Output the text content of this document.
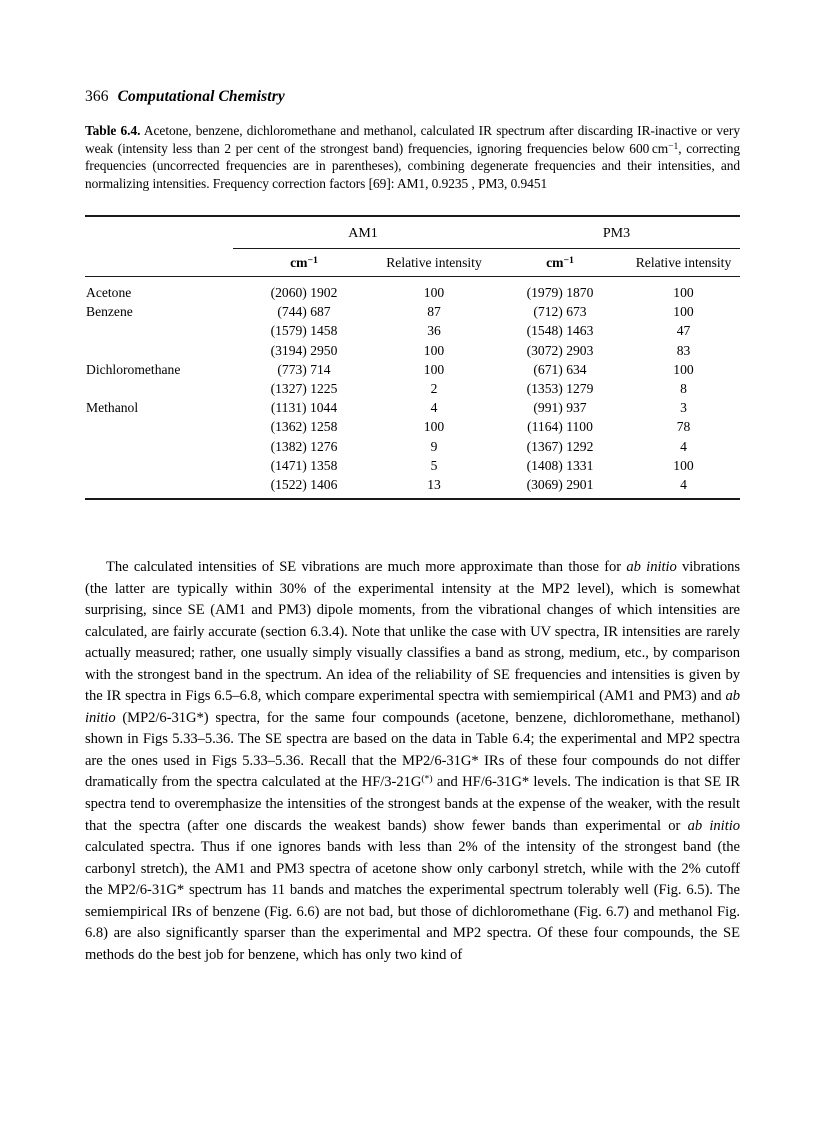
366 Computational Chemistry
Table 6.4. Acetone, benzene, dichloromethane and methanol, calculated IR spectrum after discarding IR-inactive or very weak (intensity less than 2 per cent of the strongest band) frequencies, ignoring frequencies below 600 $cm^{-1}$, correcting frequencies (uncorrected frequencies are in parentheses), combining degenerate frequencies and their intensities, and normalizing intensities. Frequency correction factors [69]: AM1, 0.9235 , PM3, 0.9451

	AM1		PM3	

	$cm^{-1}$	Relative intensity	$cm^{-1}$	Relative intensity

Acetone	(2060) 1902	100	(1979) 1870	100
Benzene	(744) 687	87	(712) 673	100
	(1579) 1458	36	(1548) 1463	47
	(3194) 2950	100	(3072) 2903	83
Dichloromethane	(773) 714	100	(671) 634	100
	(1327) 1225	2	(1353) 1279	8
Methanol	(1131) 1044	4	(991) 937	3
	(1362) 1258	100	(1164) 1100	78
	(1382) 1276	9	(1367) 1292	4
	(1471) 1358	5	(1408) 1331	100
	(1522) 1406	13	(3069) 2901	4

The calculated intensities of SE vibrations are much more approximate than those for ab initio vibrations (the latter are typically within 30% of the experimental intensity at the MP2 level), which is somewhat surprising, since SE (AM1 and PM3) dipole moments, from the vibrational changes of which intensities are calculated, are fairly accurate (section 6.3.4). Note that unlike the case with UV spectra, IR intensities are rarely actually measured; rather, one usually simply visually classifies a band as strong, medium, etc., by comparison with the strongest band in the spectrum. An idea of the reliability of SE frequencies and intensities is given by the IR spectra in Figs 6.5–6.8, which compare experimental spectra with semiempirical (AM1 and PM3) and ab initio (MP2/6-31G*) spectra, for the same four compounds (acetone, benzene, dichloromethane, methanol) shown in Figs 5.33–5.36. The SE spectra are based on the data in Table 6.4; the experimental and MP2 spectra are the ones used in Figs 5.33–5.36. Recall that the MP2/6-31G* IRs of these four compounds do not differ dramatically from the spectra calculated at the HF/3-21G(*) and HF/6-31G* levels. The indication is that SE IR spectra tend to overemphasize the intensities of the strongest bands at the expense of the weaker, with the result that the spectra (after one discards the weakest bands) show fewer bands than experimental or ab initio calculated spectra. Thus if one ignores bands with less than 2% of the intensity of the strongest band (the carbonyl stretch), the AM1 and PM3 spectra of acetone show only carbonyl stretch, while with the 2% cutoff the MP2/6-31G* spectrum has 11 bands and matches the experimental spectrum tolerably well (Fig. 6.5). The semiempirical IRs of benzene (Fig. 6.6) are not bad, but those of dichloromethane (Fig. 6.7) and methanol Fig. 6.8) are also significantly sparser than the experimental and MP2 spectra. Of these four compounds, the SE methods do the best job for benzene, which has only two kind of
